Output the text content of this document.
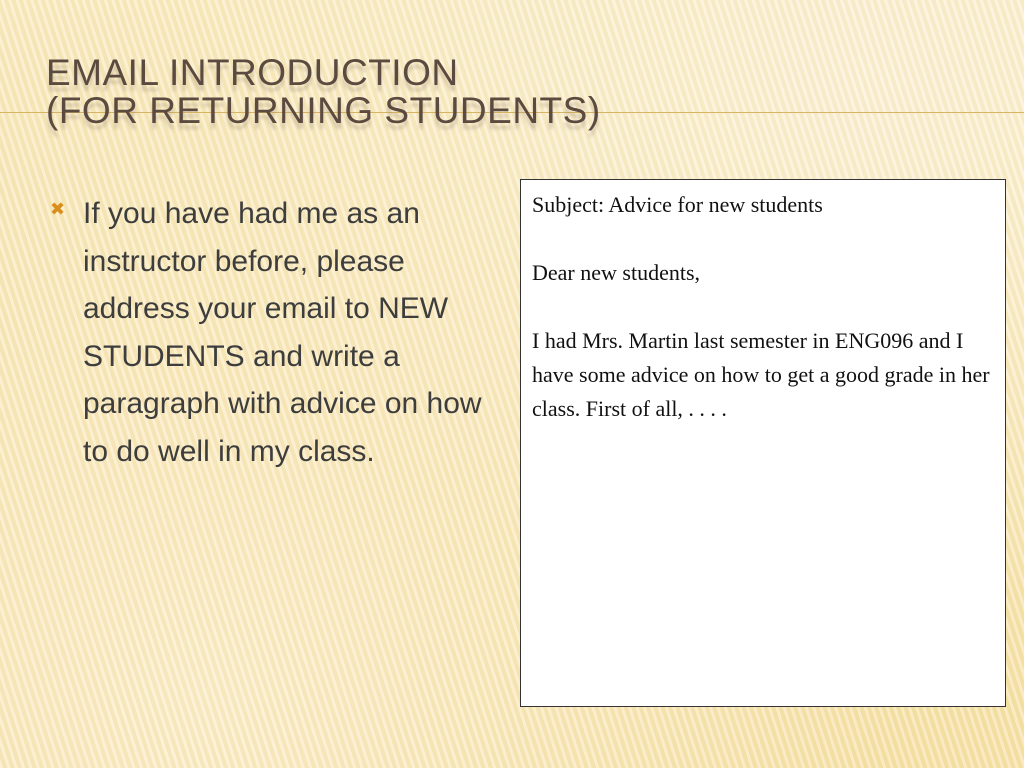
EMAIL INTRODUCTION
(FOR RETURNING STUDENTS)
✖ If you have had me as an instructor before, please address your email to NEW STUDENTS and write a paragraph with advice on how to do well in my class.

Subject: Advice for new students

Dear new students,

I had Mrs. Martin last semester in ENG096 and I have some advice on how to get a good grade in her class. First of all, . . . .
